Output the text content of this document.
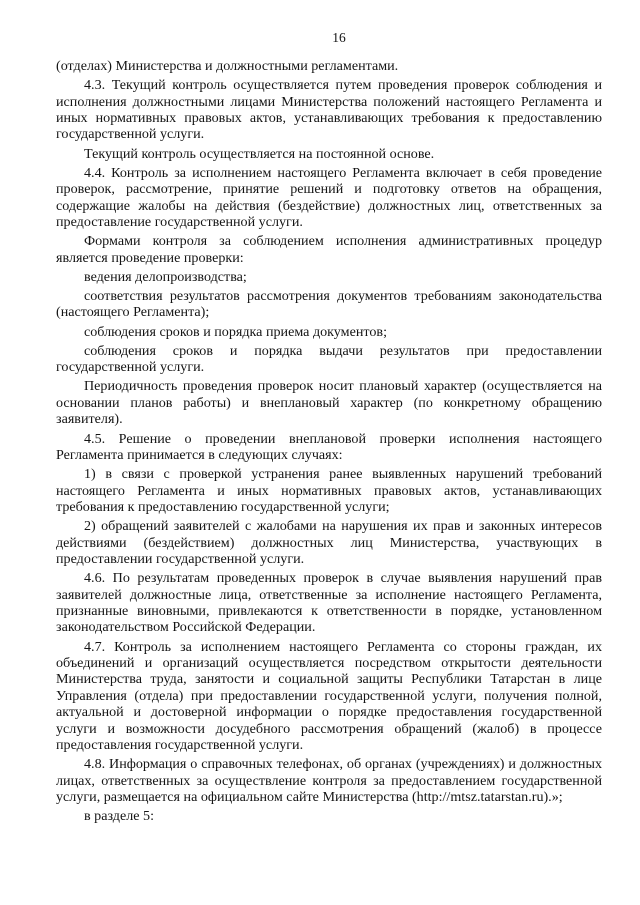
16

(отделах) Министерства и должностными регламентами.

4.3. Текущий контроль осуществляется путем проведения проверок соблюдения и исполнения должностными лицами Министерства положений настоящего Регламента и иных нормативных правовых актов, устанавливающих требования к предоставлению государственной услуги.

Текущий контроль осуществляется на постоянной основе.

4.4. Контроль за исполнением настоящего Регламента включает в себя проведение проверок, рассмотрение, принятие решений и подготовку ответов на обращения, содержащие жалобы на действия (бездействие) должностных лиц, ответственных за предоставление государственной услуги.

Формами контроля за соблюдением исполнения административных процедур является проведение проверки:

ведения делопроизводства;

соответствия результатов рассмотрения документов требованиям законодательства (настоящего Регламента);

соблюдения сроков и порядка приема документов;

соблюдения сроков и порядка выдачи результатов при предоставлении государственной услуги.

Периодичность проведения проверок носит плановый характер (осуществляется на основании планов работы) и внеплановый характер (по конкретному обращению заявителя).

4.5. Решение о проведении внеплановой проверки исполнения настоящего Регламента принимается в следующих случаях:

1) в связи с проверкой устранения ранее выявленных нарушений требований настоящего Регламента и иных нормативных правовых актов, устанавливающих требования к предоставлению государственной услуги;

2) обращений заявителей с жалобами на нарушения их прав и законных интересов действиями (бездействием) должностных лиц Министерства, участвующих в предоставлении государственной услуги.

4.6. По результатам проведенных проверок в случае выявления нарушений прав заявителей должностные лица, ответственные за исполнение настоящего Регламента, признанные виновными, привлекаются к ответственности в порядке, установленном законодательством Российской Федерации.

4.7. Контроль за исполнением настоящего Регламента со стороны граждан, их объединений и организаций осуществляется посредством открытости деятельности Министерства труда, занятости и социальной защиты Республики Татарстан в лице Управления (отдела) при предоставлении государственной услуги, получения полной, актуальной и достоверной информации о порядке предоставления государственной услуги и возможности досудебного рассмотрения обращений (жалоб) в процессе предоставления государственной услуги.

4.8. Информация о справочных телефонах, об органах (учреждениях) и должностных лицах, ответственных за осуществление контроля за предоставлением государственной услуги, размещается на официальном сайте Министерства (http://mtsz.tatarstan.ru).»;

в разделе 5:
